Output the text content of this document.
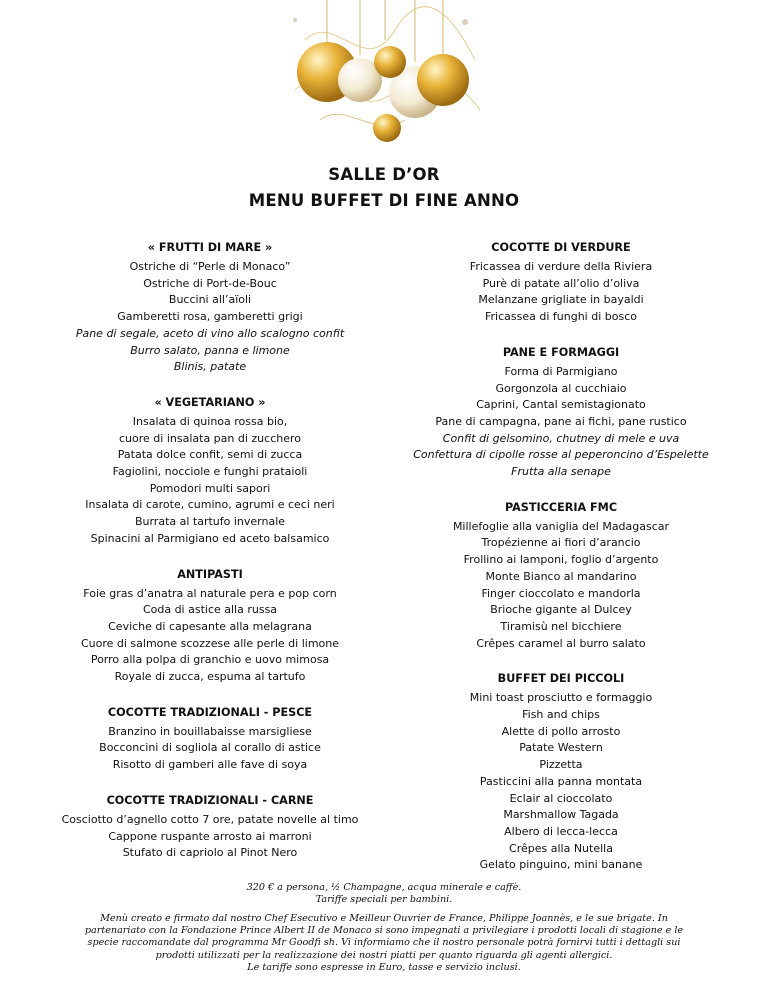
SALLE D’OR
MENU BUFFET DI FINE ANNO
« FRUTTI DI MARE »
Ostriche di “Perle di Monaco”
Ostriche di Port-de-Bouc
Buccini all’aïoli
Gamberetti rosa, gamberetti grigi
Pane di segale, aceto di vino allo scalogno confit
Burro salato, panna e limone
Blinis, patate
« VEGETARIANO »
Insalata di quinoa rossa bio,
cuore di insalata pan di zucchero
Patata dolce confit, semi di zucca
Fagiolini, nocciole e funghi prataioli
Pomodori multi sapori
Insalata di carote, cumino, agrumi e ceci neri
Burrata al tartufo invernale
Spinacini al Parmigiano ed aceto balsamico
ANTIPASTI
Foie gras d’anatra al naturale pera e pop corn
Coda di astice alla russa
Ceviche di capesante alla melagrana
Cuore di salmone scozzese alle perle di limone
Porro alla polpa di granchio e uovo mimosa
Royale di zucca, espuma al tartufo
COCOTTE TRADIZIONALI - PESCE
Branzino in bouillabaisse marsigliese
Bocconcini di sogliola al corallo di astice
Risotto di gamberi alle fave di soya
COCOTTE TRADIZIONALI - CARNE
Cosciotto d’agnello cotto 7 ore, patate novelle al timo
Cappone ruspante arrosto ai marroni
Stufato di capriolo al Pinot Nero
COCOTTE DI VERDURE
Fricassea di verdure della Riviera
Purè di patate all’olio d’oliva
Melanzane grigliate in bayaldi
Fricassea di funghi di bosco
PANE E FORMAGGI
Forma di Parmigiano
Gorgonzola al cucchiaio
Caprini, Cantal semistagionato
Pane di campagna, pane ai fichi, pane rustico
Confit di gelsomino, chutney di mele e uva
Confettura di cipolle rosse al peperoncino d’Espelette
Frutta alla senape
PASTICCERIA FMC
Millefoglie alla vaniglia del Madagascar
Tropézienne ai fiori d’arancio
Frollino ai lamponi, foglio d’argento
Monte Bianco al mandarino
Finger cioccolato e mandorla
Brioche gigante al Dulcey
Tiramisù nel bicchiere
Crêpes caramel al burro salato
BUFFET DEI PICCOLI
Mini toast prosciutto e formaggio
Fish and chips
Alette di pollo arrosto
Patate Western
Pizzetta
Pasticcini alla panna montata
Eclair al cioccolato
Marshmallow Tagada
Albero di lecca-lecca
Crêpes alla Nutella
Gelato pinguino, mini banane
320 € a persona, ½ Champagne, acqua minerale e caffè.
Tariffe speciali per bambini.
Menù creato e firmato dal nostro Chef Esecutivo e Meilleur Ouvrier de France, Philippe Joannès, e le sue brigate. In
partenariato con la Fondazione Prince Albert II de Monaco si sono impegnati a privilegiare i prodotti locali di stagione e le
specie raccomandate dal programma Mr Goodfi sh. Vi informiamo che il nostro personale potrà fornirvi tutti i dettagli sui
prodotti utilizzati per la realizzazione dei nostri piatti per quanto riguarda gli agenti allergici.
Le tariffe sono espresse in Euro, tasse e servizio inclusi.
